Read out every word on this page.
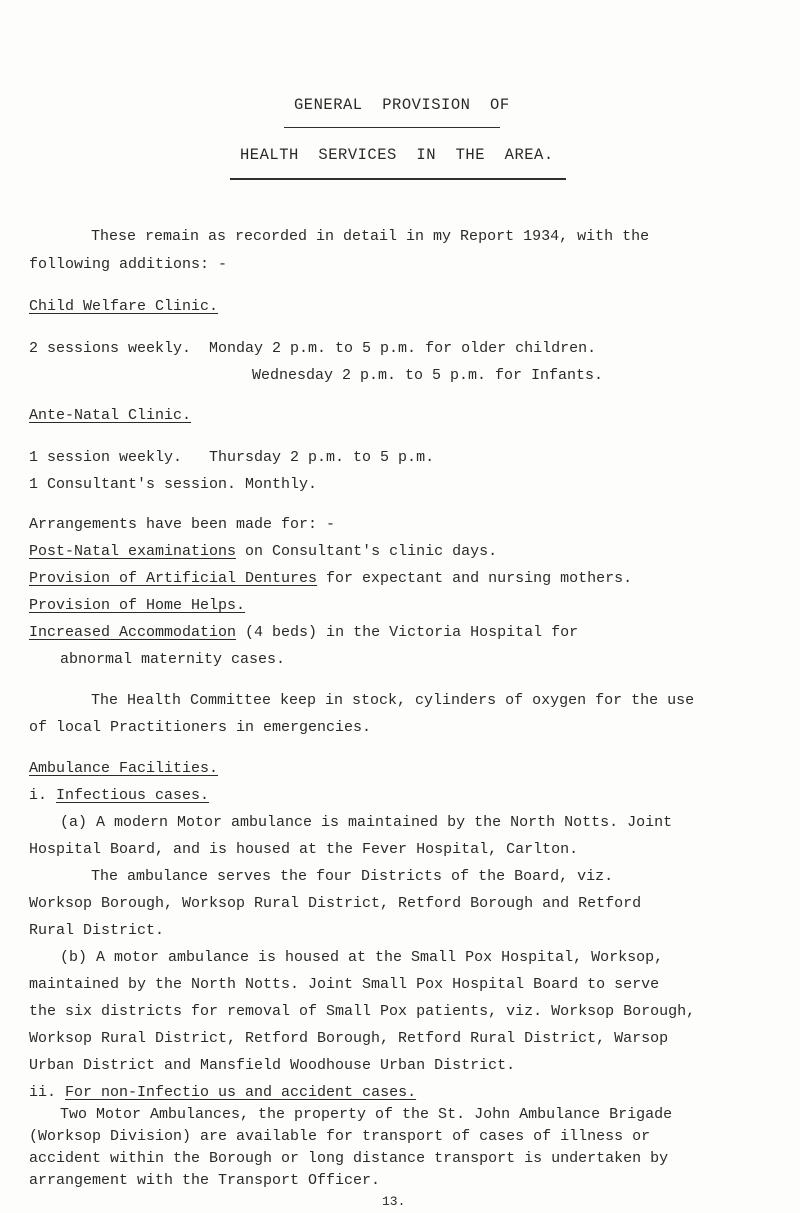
GENERAL  PROVISION  OF
HEALTH  SERVICES  IN  THE  AREA.
These remain as recorded in detail in my Report 1934, with the
following additions: -
Child Welfare Clinic.
2 sessions weekly.  Monday 2 p.m. to 5 p.m. for older children.
Wednesday 2 p.m. to 5 p.m. for Infants.
Ante-Natal Clinic.
1 session weekly.   Thursday 2 p.m. to 5 p.m.
1 Consultant's session. Monthly.
Arrangements have been made for: -
Post-Natal examinations on Consultant's clinic days.
Provision of Artificial Dentures for expectant and nursing mothers.
Provision of Home Helps.
Increased Accommodation (4 beds) in the Victoria Hospital for
abnormal maternity cases.
The Health Committee keep in stock, cylinders of oxygen for the use
of local Practitioners in emergencies.
Ambulance Facilities.
i. Infectious cases.
(a) A modern Motor ambulance is maintained by the North Notts. Joint
Hospital Board, and is housed at the Fever Hospital, Carlton.
The ambulance serves the four Districts of the Board, viz.
Worksop Borough, Worksop Rural District, Retford Borough and Retford
Rural District.
(b) A motor ambulance is housed at the Small Pox Hospital, Worksop,
maintained by the North Notts. Joint Small Pox Hospital Board to serve
the six districts for removal of Small Pox patients, viz. Worksop Borough,
Worksop Rural District, Retford Borough, Retford Rural District, Warsop
Urban District and Mansfield Woodhouse Urban District.
ii. For non-Infectio us and accident cases.
Two Motor Ambulances, the property of the St. John Ambulance Brigade
(Worksop Division) are available for transport of cases of illness or
accident within the Borough or long distance transport is undertaken by
arrangement with the Transport Officer.
13.
